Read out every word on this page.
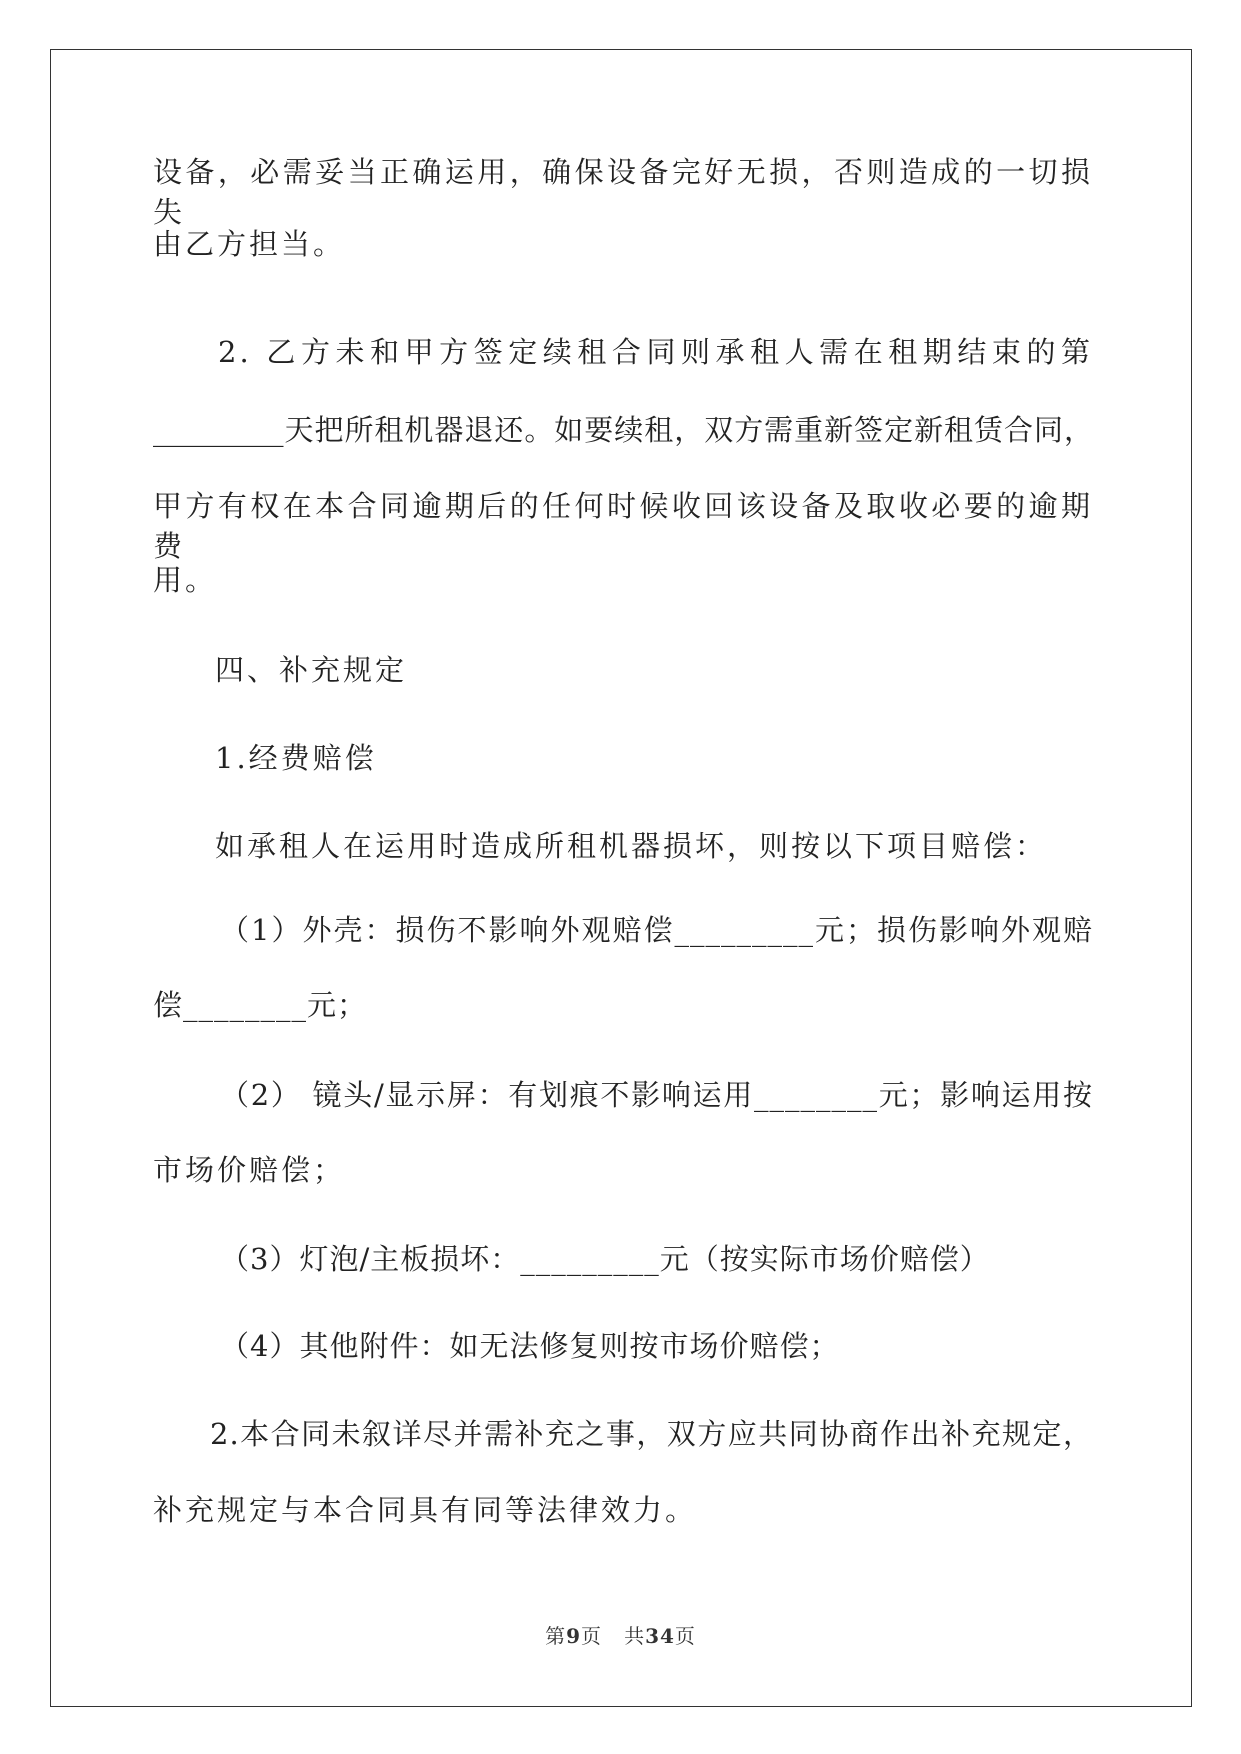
设备，必需妥当正确运用，确保设备完好无损，否则造成的一切损失
由乙方担当。
2. 乙方未和甲方签定续租合同则承租人需在租期结束的第
_________天把所租机器退还。如要续租，双方需重新签定新租赁合同，
甲方有权在本合同逾期后的任何时候收回该设备及取收必要的逾期费
用。
四、补充规定
1.经费赔偿
如承租人在运用时造成所租机器损坏，则按以下项目赔偿：
（1）外壳：损伤不影响外观赔偿_________元；损伤影响外观赔
偿________元；
（2） 镜头/显示屏：有划痕不影响运用________元；影响运用按
市场价赔偿；
（3）灯泡/主板损坏：_________元（按实际市场价赔偿）
（4）其他附件：如无法修复则按市场价赔偿；
2.本合同未叙详尽并需补充之事，双方应共同协商作出补充规定，
补充规定与本合同具有同等法律效力。
第9页   共34页
